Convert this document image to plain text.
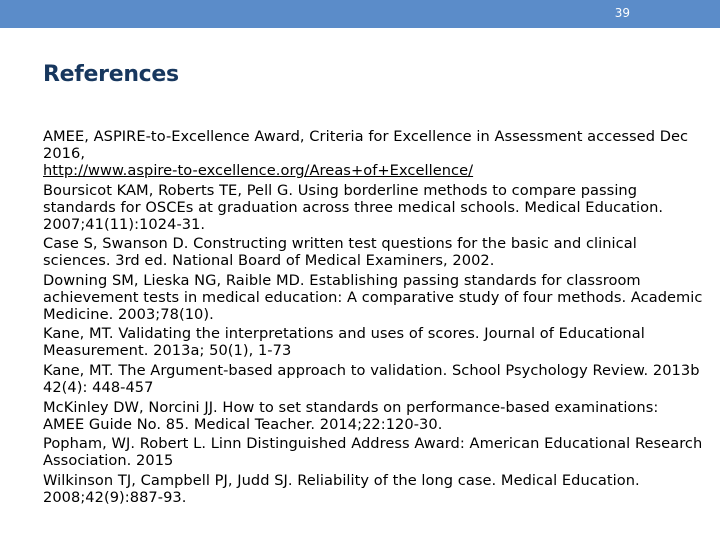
39
References
AMEE, ASPIRE-to-Excellence Award, Criteria for Excellence in Assessment accessed Dec 2016,
http://www.aspire-to-excellence.org/Areas+of+Excellence/
Boursicot KAM, Roberts TE, Pell G. Using borderline methods to compare passing standards for OSCEs at graduation across three medical schools. Medical Education. 2007;41(11):1024-31.
Case S, Swanson D. Constructing written test questions for the basic and clinical sciences. 3rd ed. National Board of Medical Examiners, 2002.
Downing SM, Lieska NG, Raible MD. Establishing passing standards for classroom achievement tests in medical education: A comparative study of four methods. Academic Medicine. 2003;78(10).
Kane, MT. Validating the interpretations and uses of scores. Journal of Educational Measurement. 2013a; 50(1), 1-73
Kane, MT. The Argument-based approach to validation. School Psychology Review. 2013b 42(4): 448-457
McKinley DW, Norcini JJ. How to set standards on performance-based examinations: AMEE Guide No. 85. Medical Teacher. 2014;22:120-30.
Popham, WJ. Robert L. Linn Distinguished Address Award: American Educational Research Association. 2015
Wilkinson TJ, Campbell PJ, Judd SJ. Reliability of the long case. Medical Education. 2008;42(9):887-93.
